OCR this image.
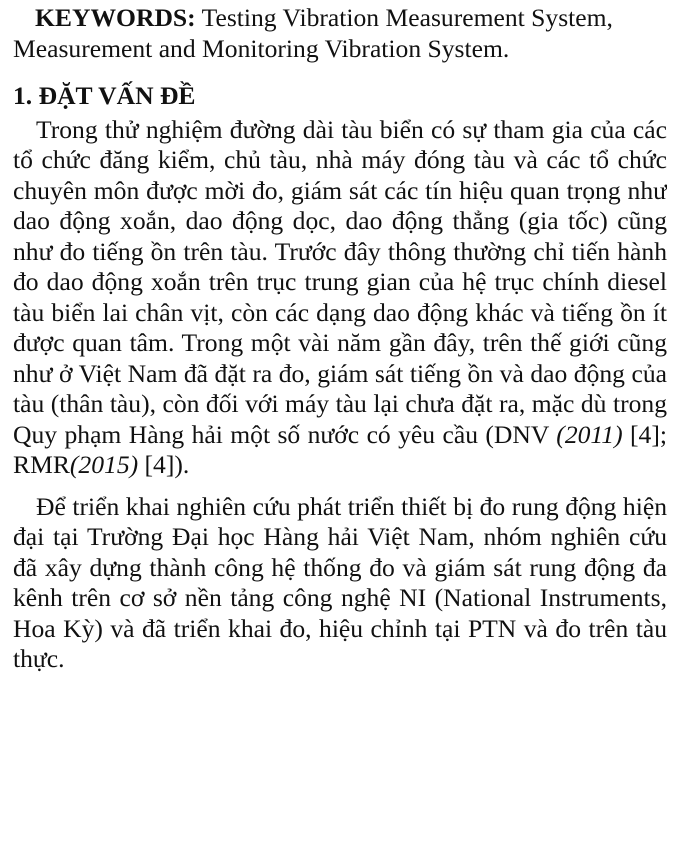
KEYWORDS: Testing Vibration Measurement System, Measurement and Monitoring Vibration System.

1. ĐẶT VẤN ĐỀ

Trong thử nghiệm đường dài tàu biển có sự tham gia của các tổ chức đăng kiểm, chủ tàu, nhà máy đóng tàu và các tổ chức chuyên môn được mời đo, giám sát các tín hiệu quan trọng như dao động xoắn, dao động dọc, dao động thẳng (gia tốc) cũng như đo tiếng ồn trên tàu. Trước đây thông thường chỉ tiến hành đo dao động xoắn trên trục trung gian của hệ trục chính diesel tàu biển lai chân vịt, còn các dạng dao động khác và tiếng ồn ít được quan tâm. Trong một vài năm gần đây, trên thế giới cũng như ở Việt Nam đã đặt ra đo, giám sát tiếng ồn và dao động của tàu (thân tàu), còn đối với máy tàu lại chưa đặt ra, mặc dù trong Quy phạm Hàng hải một số nước có yêu cầu (DNV (2011) [4]; RMR(2015) [4]).

Để triển khai nghiên cứu phát triển thiết bị đo rung động hiện đại tại Trường Đại học Hàng hải Việt Nam, nhóm nghiên cứu đã xây dựng thành công hệ thống đo và giám sát rung động đa kênh trên cơ sở nền tảng công nghệ NI (National Instruments, Hoa Kỳ) và đã triển khai đo, hiệu chỉnh tại PTN và đo trên tàu thực.
